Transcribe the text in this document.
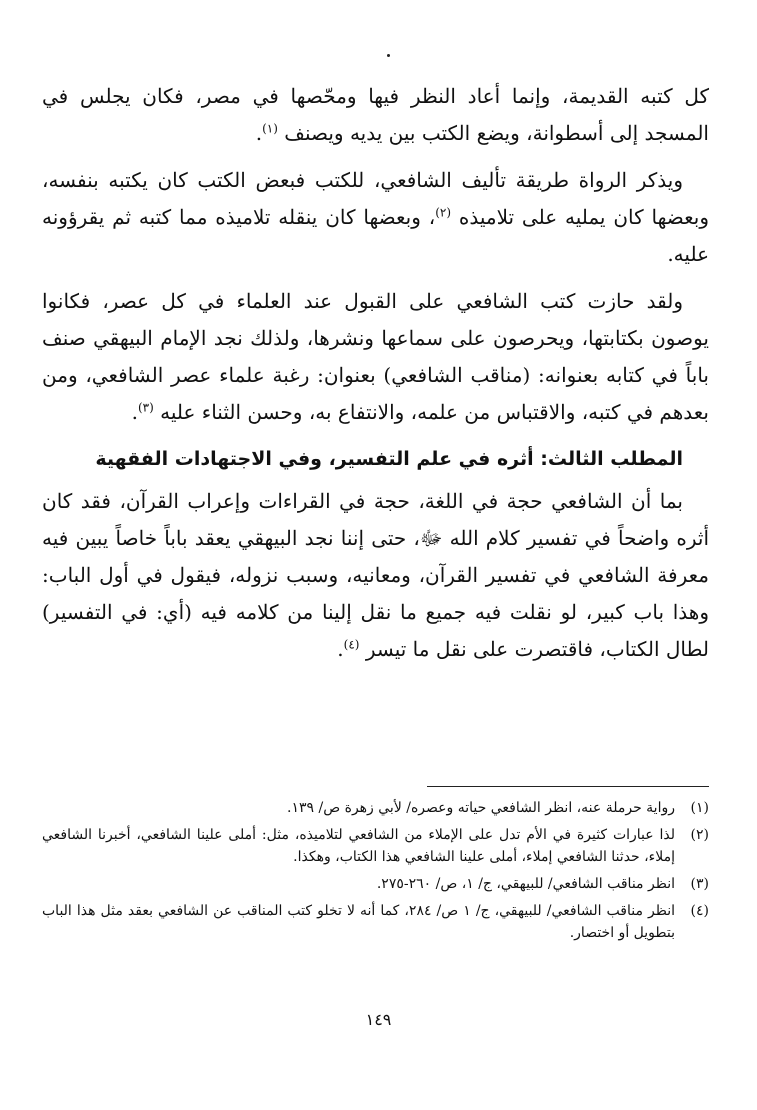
كل كتبه القديمة، وإنما أعاد النظر فيها ومحّصها في مصر، فكان يجلس في المسجد إلى أسطوانة، ويضع الكتب بين يديه ويصنف $^{(١)}$.

ويذكر الرواة طريقة تأليف الشافعي، للكتب فبعض الكتب كان يكتبه بنفسه، وبعضها كان يمليه على تلاميذه $^{(٢)}$، وبعضها كان ينقله تلاميذه مما كتبه ثم يقرؤونه عليه.

ولقد حازت كتب الشافعي على القبول عند العلماء في كل عصر، فكانوا يوصون بكتابتها، ويحرصون على سماعها ونشرها، ولذلك نجد الإمام البيهقي صنف باباً في كتابه بعنوانه: (مناقب الشافعي) بعنوان: رغبة علماء عصر الشافعي، ومن بعدهم في كتبه، والاقتباس من علمه، والانتفاع به، وحسن الثناء عليه $^{(٣)}$.

المطلب الثالث: أثره في علم التفسير، وفي الاجتهادات الفقهية

بما أن الشافعي حجة في اللغة، حجة في القراءات وإعراب القرآن، فقد كان أثره واضحاً في تفسير كلام الله ﷻ، حتى إننا نجد البيهقي يعقد باباً خاصاً يبين فيه معرفة الشافعي في تفسير القرآن، ومعانيه، وسبب نزوله، فيقول في أول الباب: وهذا باب كبير، لو نقلت فيه جميع ما نقل إلينا من كلامه فيه (أي: في التفسير) لطال الكتاب، فاقتصرت على نقل ما تيسر $^{(٤)}$.

(١)
رواية حرملة عنه، انظر الشافعي حياته وعصره/ لأبي زهرة ص/ ١٣٩.
(٢)
لذا عبارات كثيرة في الأم تدل على الإملاء من الشافعي لتلاميذه، مثل: أملى علينا الشافعي، أخبرنا الشافعي إملاء، حدثنا الشافعي إملاء، أملى علينا الشافعي هذا الكتاب، وهكذا.
(٣)
انظر مناقب الشافعي/ للبيهقي، ج/ ١، ص/ ٢٦٠-٢٧٥.
(٤)
انظر مناقب الشافعي/ للبيهقي، ج/ ١ ص/ ٢٨٤، كما أنه لا تخلو كتب المناقب عن الشافعي بعقد مثل هذا الباب بتطويل أو اختصار.
١٤٩
